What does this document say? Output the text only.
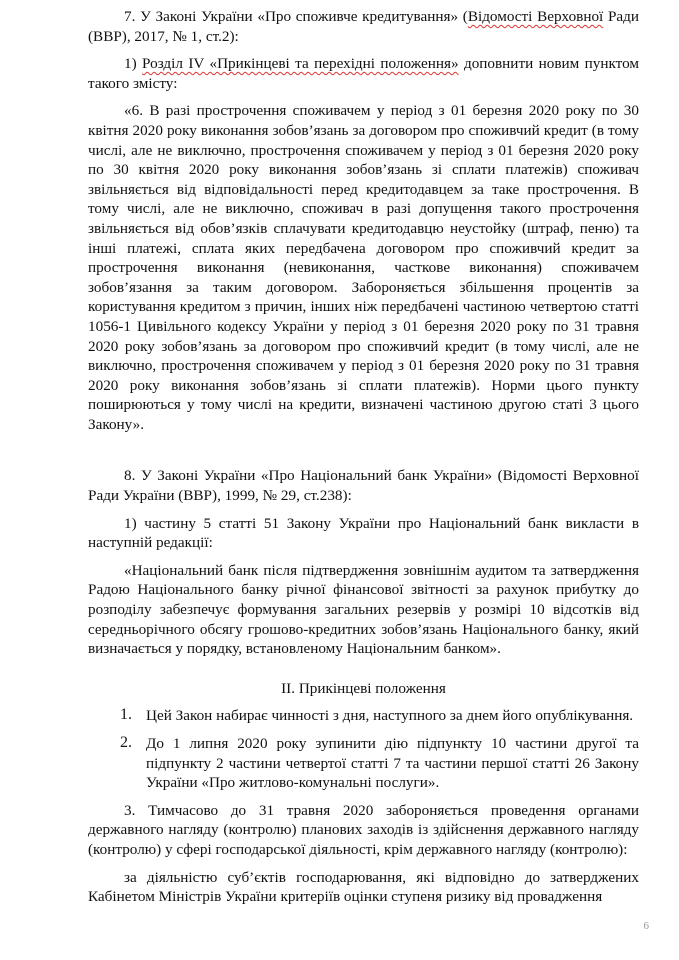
7. У Законі України «Про споживче кредитування» (Відомості Верховної Ради (ВВР), 2017, № 1, ст.2):

1) Розділ IV «Прикінцеві та перехідні положення» доповнити новим пунктом такого змісту:

«6. В разі прострочення споживачем у період з 01 березня 2020 року по 30 квітня 2020 року виконання зобов’язань за договором про споживчий кредит (в тому числі, але не виключно, прострочення споживачем у період з 01 березня 2020 року по 30 квітня 2020 року виконання зобов’язань зі сплати платежів) споживач звільняється від відповідальності перед кредитодавцем за таке прострочення. В тому числі, але не виключно, споживач в разі допущення такого прострочення звільняється від обов’язків сплачувати кредитодавцю неустойку (штраф, пеню) та інші платежі, сплата яких передбачена договором про споживчий кредит за прострочення виконання (невиконання, часткове виконання) споживачем зобов’язання за таким договором. Забороняється збільшення процентів за користування кредитом з причин, інших ніж передбачені частиною четвертою статті 1056-1 Цивільного кодексу України у період з 01 березня 2020 року по 31 травня 2020 року зобов’язань за договором про споживчий кредит (в тому числі, але не виключно, прострочення споживачем у період з 01 березня 2020 року по 31 травня 2020 року виконання зобов’язань зі сплати платежів). Норми цього пункту поширюються у тому числі на кредити, визначені частиною другою статі 3 цього Закону».

8. У Законі України «Про Національний банк України» (Відомості Верховної Ради України (ВВР), 1999, № 29, ст.238):

1) частину 5 статті 51 Закону України про Національний банк викласти в наступній редакції:

«Національний банк після підтвердження зовнішнім аудитом та затвердження Радою Національного банку річної фінансової звітності за рахунок прибутку до розподілу забезпечує формування загальних резервів у розмірі 10 відсотків від середньорічного обсягу грошово-кредитних зобов’язань Національного банку, який визначається у порядку, встановленому Національним банком».

ІІ. Прикінцеві положення

1. Цей Закон набирає чинності з дня, наступного за днем його опублікування.

2. До 1 липня 2020 року зупинити дію підпункту 10 частини другої та підпункту 2 частини четвертої статті 7 та частини першої статті 26 Закону України «Про житлово-комунальні послуги».

3. Тимчасово до 31 травня 2020 забороняється проведення органами державного нагляду (контролю) планових заходів із здійснення державного нагляду (контролю) у сфері господарської діяльності, крім державного нагляду (контролю):

за діяльністю суб’єктів господарювання, які відповідно до затверджених Кабінетом Міністрів України критеріїв оцінки ступеня ризику від провадження

6
